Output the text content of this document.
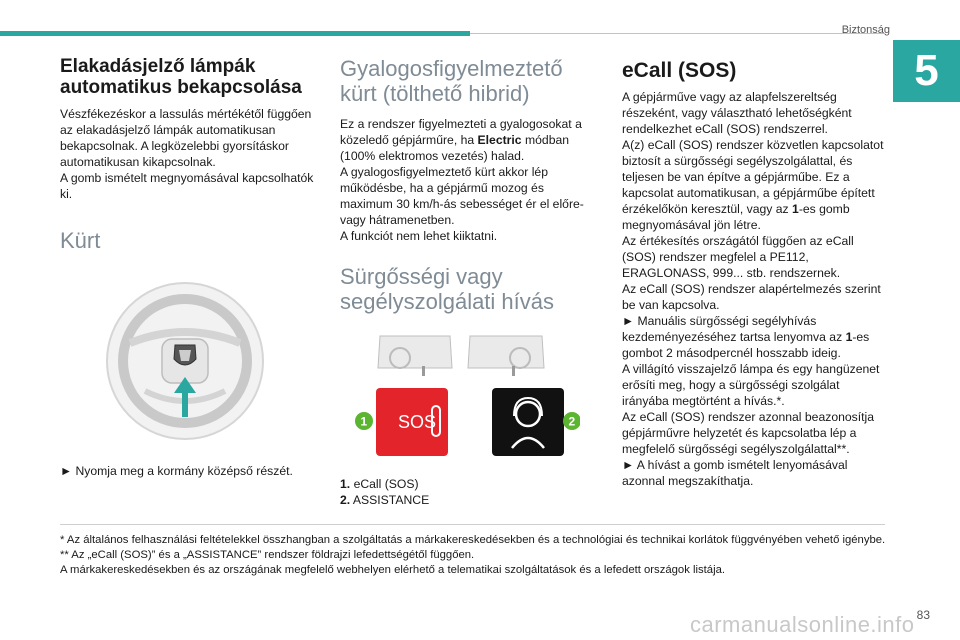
Biztonság
5
Elakadásjelző lámpák automatikus bekapcsolása

Vészfékezéskor a lassulás mértékétől függően az elakadásjelző lámpák automatikusan bekapcsolnak. A legközelebbi gyorsításkor automatikusan kikapcsolnak.

A gomb ismételt megnyomásával kapcsolhatók ki.

Kürt

► Nyomja meg a kormány középső részét.

Gyalogosfigyelmeztető kürt (tölthető hibrid)

Ez a rendszer figyelmezteti a gyalogosokat a közeledő gépjárműre, ha Electric módban (100% elektromos vezetés) halad.

A gyalogosfigyelmeztető kürt akkor lép működésbe, ha a gépjármű mozog és maximum 30 km/h-ás sebességet ér el előre- vagy hátramenetben.

A funkciót nem lehet kiiktatni.

Sürgősségi vagy segélyszolgálati hívás
SOS
1	2

1. eCall (SOS)

2. ASSISTANCE

eCall (SOS)

A gépjárműve vagy az alapfelszereltség részeként, vagy választható lehetőségként rendelkezhet eCall (SOS) rendszerrel.

A(z) eCall (SOS) rendszer közvetlen kapcsolatot biztosít a sürgősségi segélyszolgálattal, és teljesen be van építve a gépjárműbe. Ez a kapcsolat automatikusan, a gépjárműbe épített érzékelőkön keresztül, vagy az 1-es gomb megnyomásával jön létre.

Az értékesítés országától függően az eCall (SOS) rendszer megfelel a PE112, ERAGLONASS, 999... stb. rendszernek.

Az eCall (SOS) rendszer alapértelmezés szerint be van kapcsolva.

► Manuális sürgősségi segélyhívás kezdeményezéséhez tartsa lenyomva az 1-es gombot 2 másodpercnél hosszabb ideig.

A villágító visszajelző lámpa és egy hangüzenet erősíti meg, hogy a sürgősségi szolgálat irányába megtörtént a hívás.*.

Az eCall (SOS) rendszer azonnal beazonosítja gépjárművre helyzetét és kapcsolatba lép a megfelelő sürgősségi segélyszolgálattal**.

► A hívást a gomb ismételt lenyomásával azonnal megszakíthatja.

* Az általános felhasználási feltételekkel összhangban a szolgáltatás a márkakereskedésekben és a technológiai és technikai korlátok függvényében vehető igénybe.

** Az „eCall (SOS)” és a „ASSISTANCE” rendszer földrajzi lefedettségétől függően.

A márkakereskedésekben és az országának megfelelő webhelyen elérhető a telematikai szolgáltatások és a lefedett országok listája.

carmanualsonline.info 83
